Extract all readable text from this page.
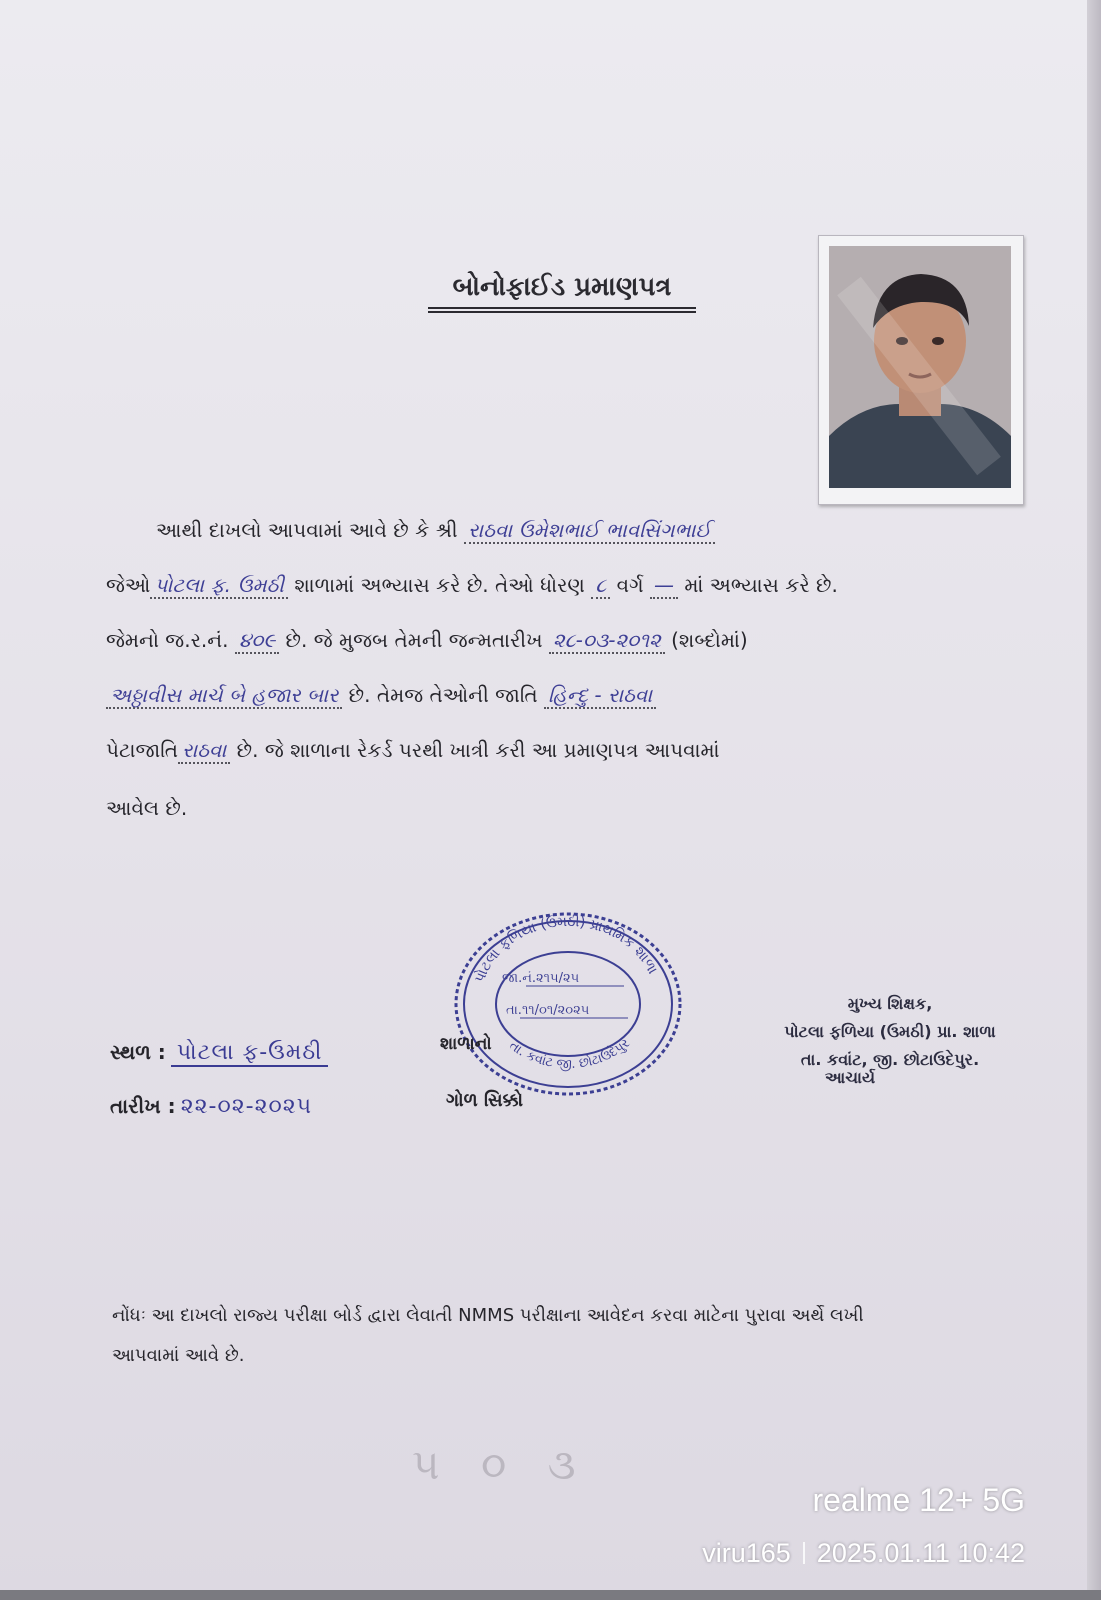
બોનોફાઈડ પ્રમાણપત્ર
આથી દાખલો આપવામાં આવે છે કે શ્રી રાઠવા ઉમેશભાઈ ભાવસિંગભાઈ
જેઓ પોટલા ફ. ઉમઠી શાળામાં અભ્યાસ કરે છે. તેઓ ધોરણ ૮ વર્ગ — માં અભ્યાસ કરે છે.
જેમનો જ.ર.નં. ૪૦૯ છે. જે મુજબ તેમની જન્મતારીખ ૨૮-૦૩-૨૦૧૨ (શબ્દોમાં)
અઠ્ઠાવીસ માર્ચ બે હજાર બાર છે. તેમજ તેઓની જાતિ હિન્દુ - રાઠવા
પેટાજાતિ રાઠવા છે. જે શાળાના રેકર્ડ પરથી ખાત્રી કરી આ પ્રમાણપત્ર આપવામાં
આવેલ છે.
પોટલા ફળિયા (ઉમઠી) પ્રાથમિક શાળા
તા. કવાંટ જી. છોટાઉદેપુર
જા.નં.૨૧૫/૨૫
તા.૧૧/૦૧/૨૦૨૫
સ્થળ : પોટલા ફ-ઉમઠી	શાળાનો
તારીખ : ૨૨-૦૨-૨૦૨૫	ગોળ સિક્કો
મુખ્ય શિક્ષક,
પોટલા ફળિયા (ઉમઠી) પ્રા. શાળા
તા. કવાંટ, જી. છોટાઉદેપુર.
આચાર્ય
નોંધઃ આ દાખલો રાજ્ય પરીક્ષા બોર્ડ દ્વારા લેવાતી NMMS પરીક્ષાના આવેદન કરવા માટેના પુરાવા અર્થે લખી
આપવામાં આવે છે.
૫ ૦ ૩
realme 12+ 5G
viru165 2025.01.11 10:42
